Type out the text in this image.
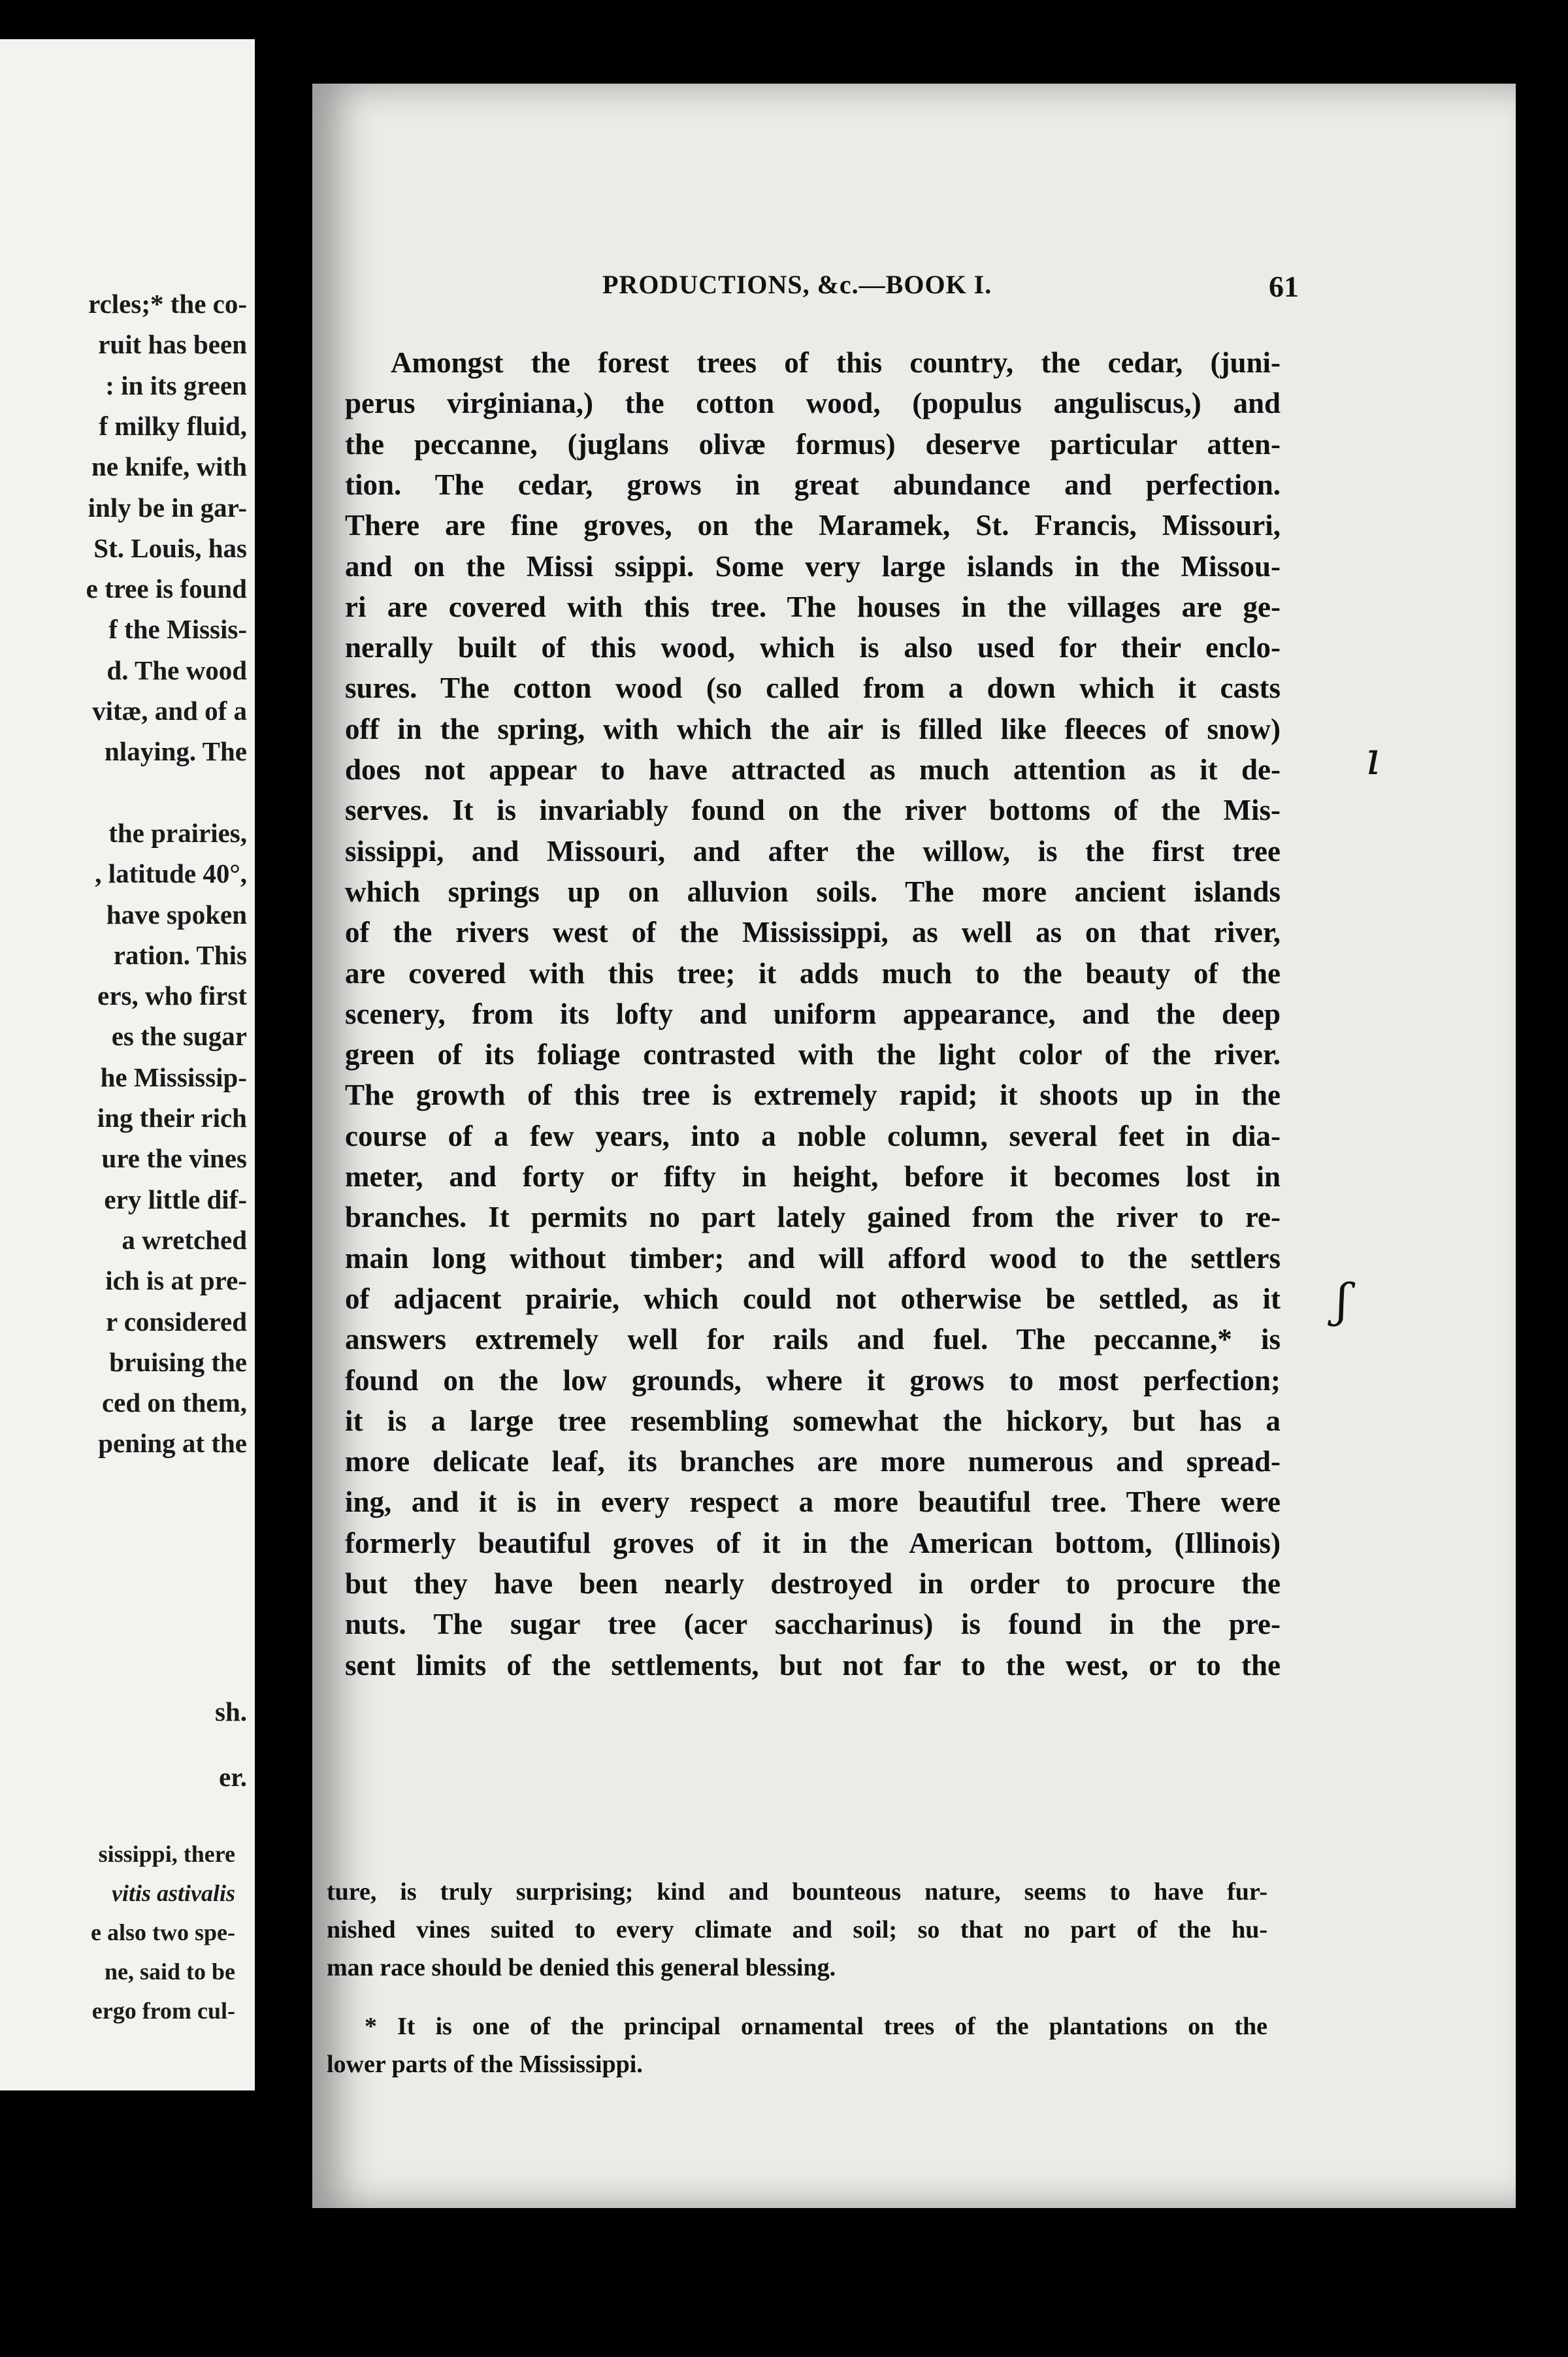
rcles;* the co-
ruit has been
: in its green
f milky fluid,
ne knife, with
inly be in gar-
St. Louis, has
e tree is found
f the Missis-
d. The wood
vitæ, and of a
nlaying. The
the prairies,
, latitude 40°,
have spoken
ration. This
ers, who first
es the sugar
he Mississip-
ing their rich
ure the vines
ery little dif-
a wretched
ich is at pre-
r considered
bruising the
ced on them,
pening at the
sh.
er.
sissippi, there
vitis astivalis
e also two spe-
ne, said to be
ergo from cul-
PRODUCTIONS, &c.—BOOK I.	61
Amongst the forest trees of this country, the cedar, (juni-
perus virginiana,) the cotton wood, (populus anguliscus,) and
the peccanne, (juglans olivæ formus) deserve particular atten-
tion. The cedar, grows in great abundance and perfection.
There are fine groves, on the Maramek, St. Francis, Missouri,
and on the Missi ssippi. Some very large islands in the Missou-
ri are covered with this tree. The houses in the villages are ge-
nerally built of this wood, which is also used for their enclo-
sures. The cotton wood (so called from a down which it casts
off in the spring, with which the air is filled like fleeces of snow)
does not appear to have attracted as much attention as it de-
serves. It is invariably found on the river bottoms of the Mis-
sissippi, and Missouri, and after the willow, is the first tree
which springs up on alluvion soils. The more ancient islands
of the rivers west of the Mississippi, as well as on that river,
are covered with this tree; it adds much to the beauty of the
scenery, from its lofty and uniform appearance, and the deep
green of its foliage contrasted with the light color of the river.
The growth of this tree is extremely rapid; it shoots up in the
course of a few years, into a noble column, several feet in dia-
meter, and forty or fifty in height, before it becomes lost in
branches. It permits no part lately gained from the river to re-
main long without timber; and will afford wood to the settlers
of adjacent prairie, which could not otherwise be settled, as it
answers extremely well for rails and fuel. The peccanne,* is
found on the low grounds, where it grows to most perfection;
it is a large tree resembling somewhat the hickory, but has a
more delicate leaf, its branches are more numerous and spread-
ing, and it is in every respect a more beautiful tree. There were
formerly beautiful groves of it in the American bottom, (Illinois)
but they have been nearly destroyed in order to procure the
nuts. The sugar tree (acer saccharinus) is found in the pre-
sent limits of the settlements, but not far to the west, or to the
ture, is truly surprising; kind and bounteous nature, seems to have fur-
nished vines suited to every climate and soil; so that no part of the hu-
man race should be denied this general blessing.
* It is one of the principal ornamental trees of the plantations on the
lower parts of the Mississippi.
ı
ʃ
